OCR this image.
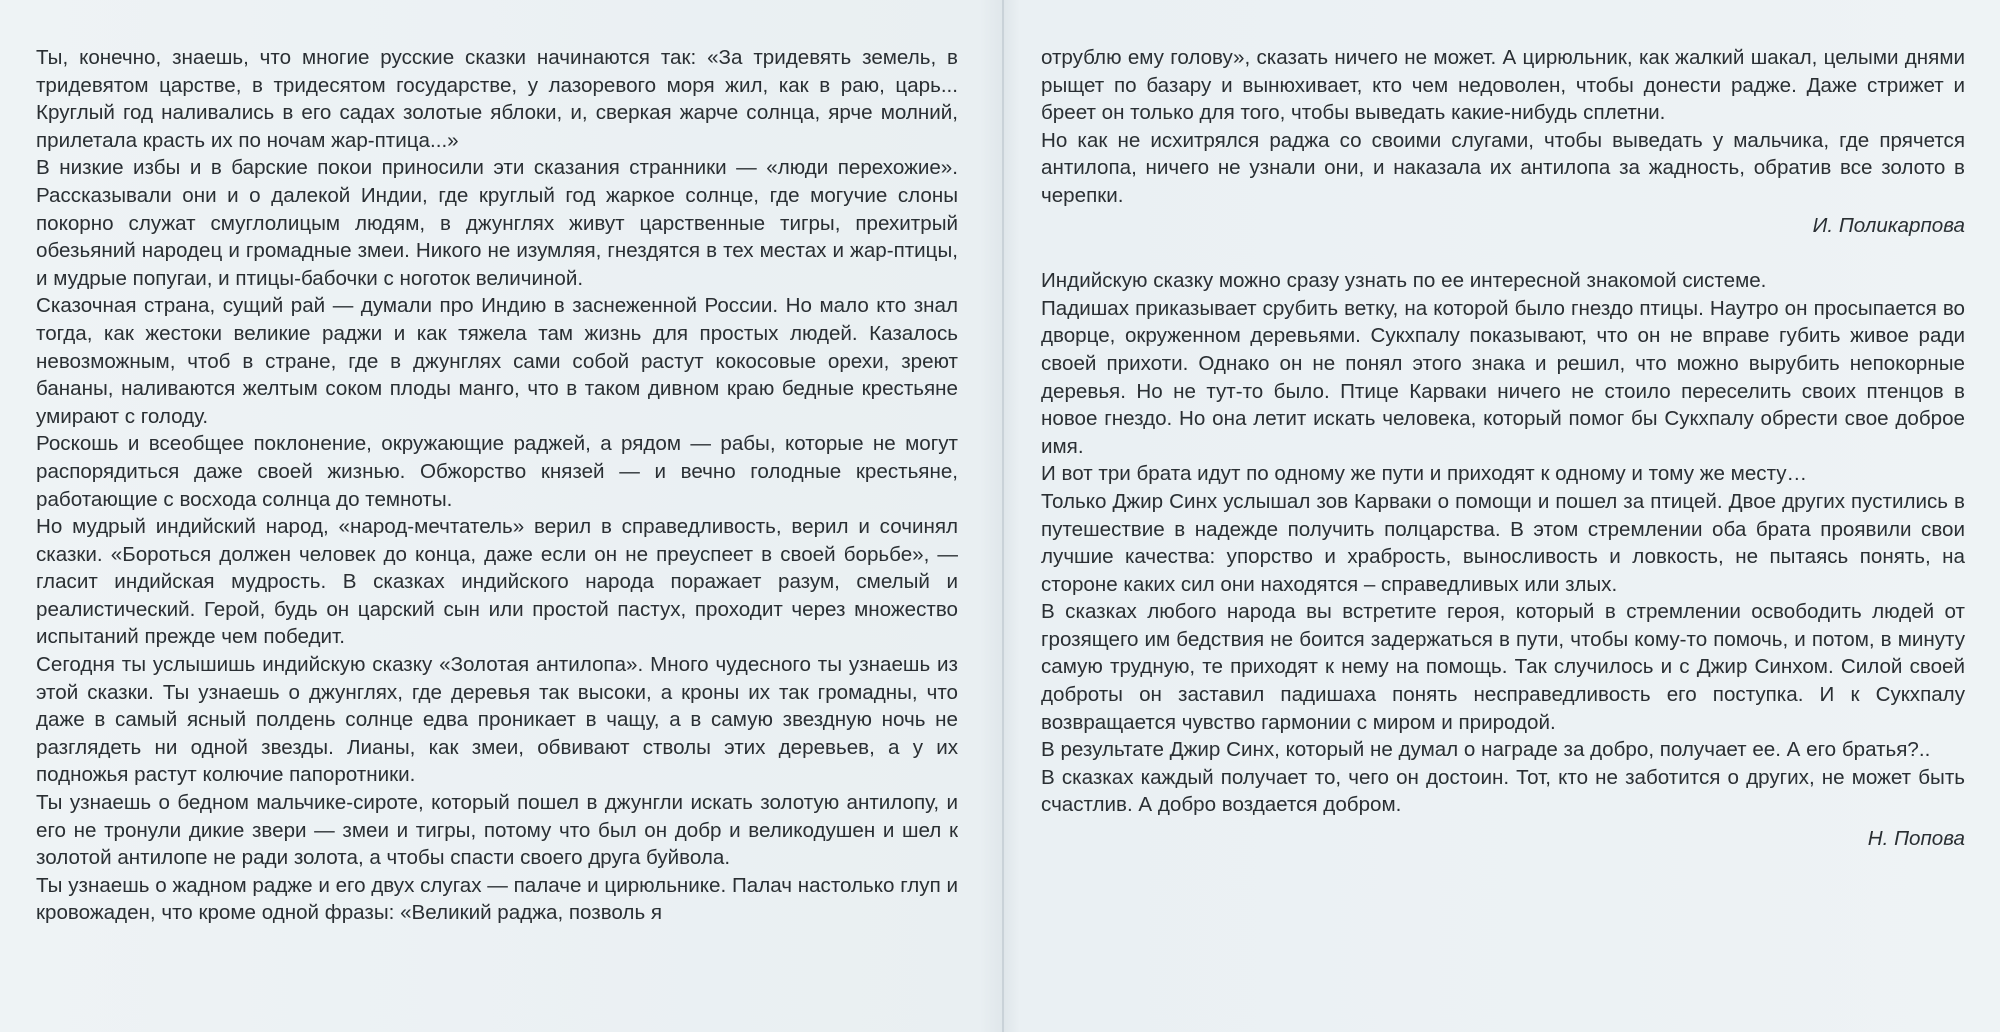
Ты, конечно, знаешь, что многие русские сказки начинаются так: «За тридевять земель, в тридевятом царстве, в тридесятом государстве, у лазоревого моря жил, как в раю, царь... Круглый год наливались в его садах золотые яблоки, и, сверкая жарче солнца, ярче молний, прилетала красть их по ночам жар-птица...»

В низкие избы и в барские покои приносили эти сказания странники — «люди перехожие». Рассказывали они и о далекой Индии, где круглый год жаркое солнце, где могучие слоны покорно служат смуглолицым людям, в джунглях живут царственные тигры, прехитрый обезьяний народец и громадные змеи. Никого не изумляя, гнездятся в тех местах и жар-птицы, и мудрые попугаи, и птицы-бабочки с ноготок величиной.

Сказочная страна, сущий рай — думали про Индию в заснеженной России. Но мало кто знал тогда, как жестоки великие раджи и как тяжела там жизнь для простых людей. Казалось невозможным, чтоб в стране, где в джунглях сами собой растут кокосовые орехи, зреют бананы, наливаются желтым соком плоды манго, что в таком дивном краю бедные крестьяне умирают с голоду.

Роскошь и всеобщее поклонение, окружающие раджей, а рядом — рабы, которые не могут распорядиться даже своей жизнью. Обжорство князей — и вечно голодные крестьяне, работающие с восхода солнца до темноты.

Но мудрый индийский народ, «народ-мечтатель» верил в справедливость, верил и сочинял сказки. «Бороться должен человек до конца, даже если он не преуспеет в своей борьбе», — гласит индийская мудрость. В сказках индийского народа поражает разум, смелый и реалистический. Герой, будь он царский сын или простой пастух, проходит через множество испытаний прежде чем победит.

Сегодня ты услышишь индийскую сказку «Золотая антилопа». Много чудесного ты узнаешь из этой сказки. Ты узнаешь о джунглях, где деревья так высоки, а кроны их так громадны, что даже в самый ясный полдень солнце едва проникает в чащу, а в самую звездную ночь не разглядеть ни одной звезды. Лианы, как змеи, обвивают стволы этих деревьев, а у их подножья растут колючие папоротники.

Ты узнаешь о бедном мальчике-сироте, который пошел в джунгли искать золотую антилопу, и его не тронули дикие звери — змеи и тигры, потому что был он добр и великодушен и шел к золотой антилопе не ради золота, а чтобы спасти своего друга буйвола.

Ты узнаешь о жадном радже и его двух слугах — палаче и цирюльнике. Палач настолько глуп и кровожаден, что кроме одной фразы: «Великий раджа, позволь я

отрублю ему голову», сказать ничего не может. А цирюльник, как жалкий шакал, целыми днями рыщет по базару и вынюхивает, кто чем недоволен, чтобы донести радже. Даже стрижет и бреет он только для того, чтобы выведать какие-нибудь сплетни.

Но как не исхитрялся раджа со своими слугами, чтобы выведать у мальчика, где прячется антилопа, ничего не узнали они, и наказала их антилопа за жадность, обратив все золото в черепки.

И. Поликарпова

Индийскую сказку можно сразу узнать по ее интересной знакомой системе.

Падишах приказывает срубить ветку, на которой было гнездо птицы. Наутро он просыпается во дворце, окруженном деревьями. Сукхпалу показывают, что он не вправе губить живое ради своей прихоти. Однако он не понял этого знака и решил, что можно вырубить непокорные деревья. Но не тут-то было. Птице Карваки ничего не стоило переселить своих птенцов в новое гнездо. Но она летит искать человека, который помог бы Сукхпалу обрести свое доброе имя.

И вот три брата идут по одному же пути и приходят к одному и тому же месту…

Только Джир Синх услышал зов Карваки о помощи и пошел за птицей. Двое других пустились в путешествие в надежде получить полцарства. В этом стремлении оба брата проявили свои лучшие качества: упорство и храбрость, выносливость и ловкость, не пытаясь понять, на стороне каких сил они находятся – справедливых или злых.

В сказках любого народа вы встретите героя, который в стремлении освободить людей от грозящего им бедствия не боится задержаться в пути, чтобы кому-то помочь, и потом, в минуту самую трудную, те приходят к нему на помощь. Так случилось и с Джир Синхом. Силой своей доброты он заставил падишаха понять несправедливость его поступка. И к Сукхпалу возвращается чувство гармонии с миром и природой.

В результате Джир Синх, который не думал о награде за добро, получает ее. А его братья?..

В сказках каждый получает то, чего он достоин. Тот, кто не заботится о других, не может быть счастлив. А добро воздается добром.

Н. Попова
